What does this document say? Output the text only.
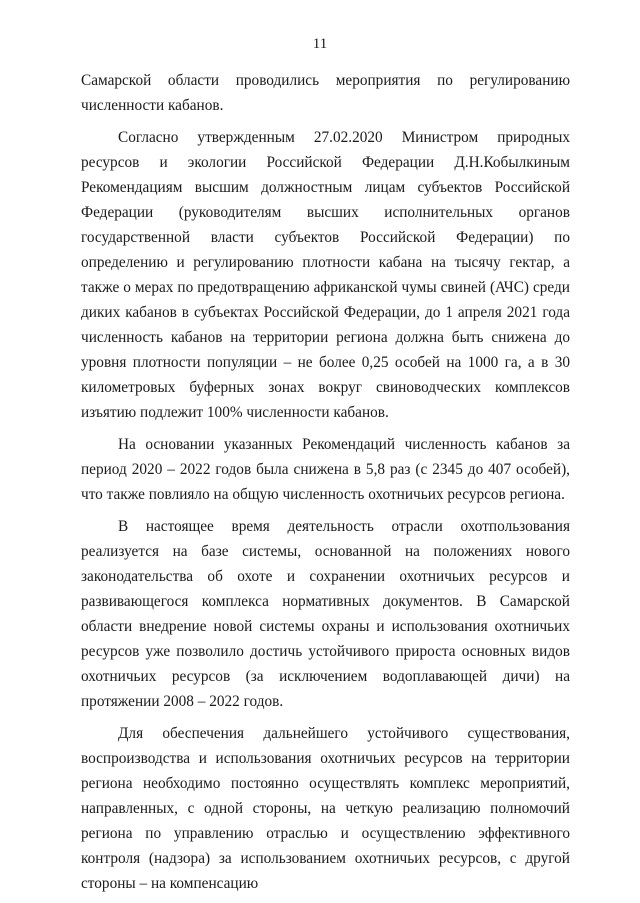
11

Самарской области проводились мероприятия по регулированию численности кабанов.

Согласно утвержденным 27.02.2020 Министром природных ресурсов и экологии Российской Федерации Д.Н.Кобылкиным Рекомендациям высшим должностным лицам субъектов Российской Федерации (руководителям высших исполнительных органов государственной власти субъектов Российской Федерации) по определению и регулированию плотности кабана на тысячу гектар, а также о мерах по предотвращению африканской чумы свиней (АЧС) среди диких кабанов в субъектах Российской Федерации, до 1 апреля 2021 года численность кабанов на территории региона должна быть снижена до уровня плотности популяции – не более 0,25 особей на 1000 га, а в 30 километровых буферных зонах вокруг свиноводческих комплексов изъятию подлежит 100% численности кабанов.

На основании указанных Рекомендаций численность кабанов за период 2020 – 2022 годов была снижена в 5,8 раз (с 2345 до 407 особей), что также повлияло на общую численность охотничьих ресурсов региона.

В настоящее время деятельность отрасли охотпользования реализуется на базе системы, основанной на положениях нового законодательства об охоте и сохранении охотничьих ресурсов и развивающегося комплекса нормативных документов. В Самарской области внедрение новой системы охраны и использования охотничьих ресурсов уже позволило достичь устойчивого прироста основных видов охотничьих ресурсов (за исключением водоплавающей дичи) на протяжении 2008 – 2022 годов.

Для обеспечения дальнейшего устойчивого существования, воспроизводства и использования охотничьих ресурсов на территории региона необходимо постоянно осуществлять комплекс мероприятий, направленных, с одной стороны, на четкую реализацию полномочий региона по управлению отраслью и осуществлению эффективного контроля (надзора) за использованием охотничьих ресурсов, с другой стороны – на компенсацию
